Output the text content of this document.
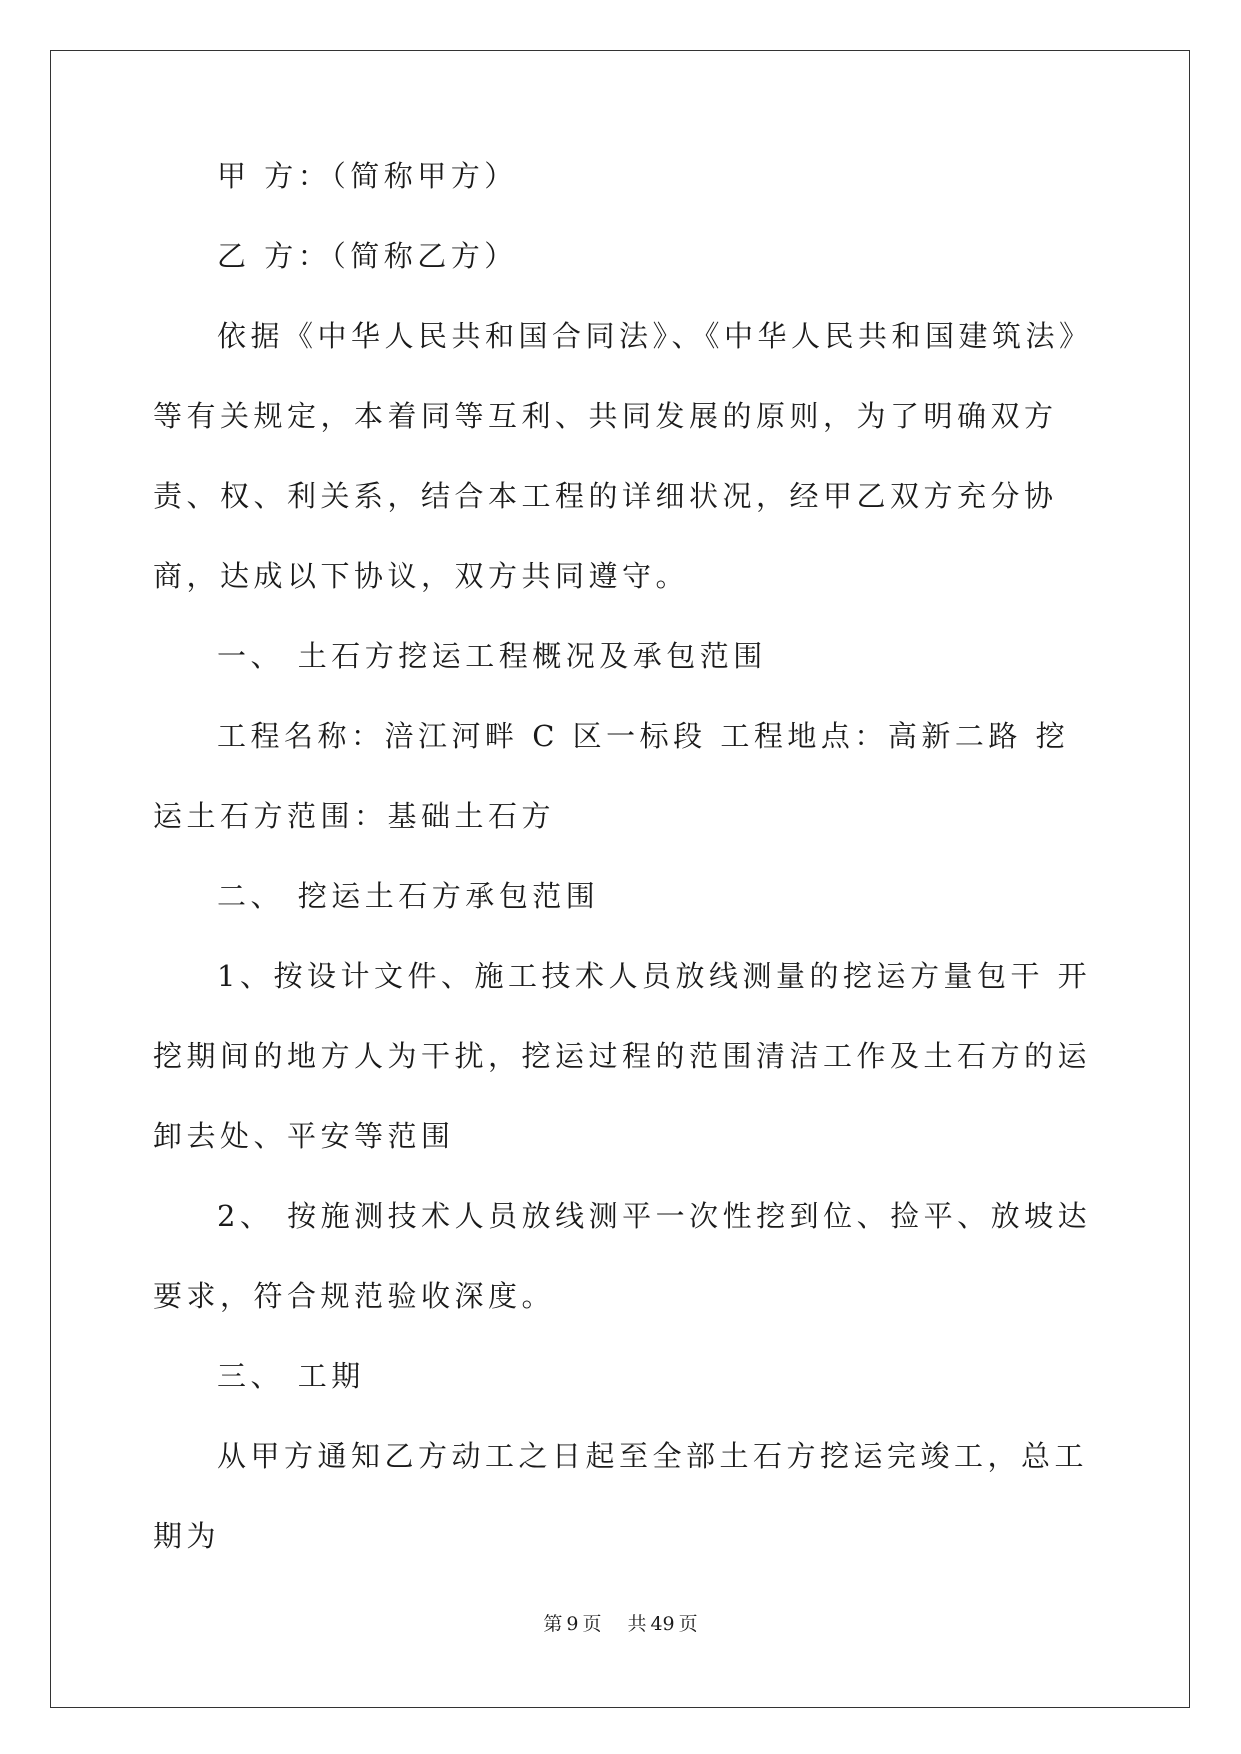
甲 方：（简称甲方）

乙 方：（简称乙方）

依据《中华人民共和国合同法》、《中华人民共和国建筑法》等有关规定，本着同等互利、共同发展的原则，为了明确双方责、权、利关系，结合本工程的详细状况，经甲乙双方充分协商，达成以下协议，双方共同遵守。

一、 土石方挖运工程概况及承包范围

工程名称：涪江河畔 C 区一标段 工程地点：高新二路 挖运土石方范围：基础土石方

二、 挖运土石方承包范围

1、按设计文件、施工技术人员放线测量的挖运方量包干 开挖期间的地方人为干扰，挖运过程的范围清洁工作及土石方的运卸去处、平安等范围

2、 按施测技术人员放线测平一次性挖到位、捡平、放坡达要求，符合规范验收深度。

三、 工期

从甲方通知乙方动工之日起至全部土石方挖运完竣工，总工期为

第 9 页 共 49 页
